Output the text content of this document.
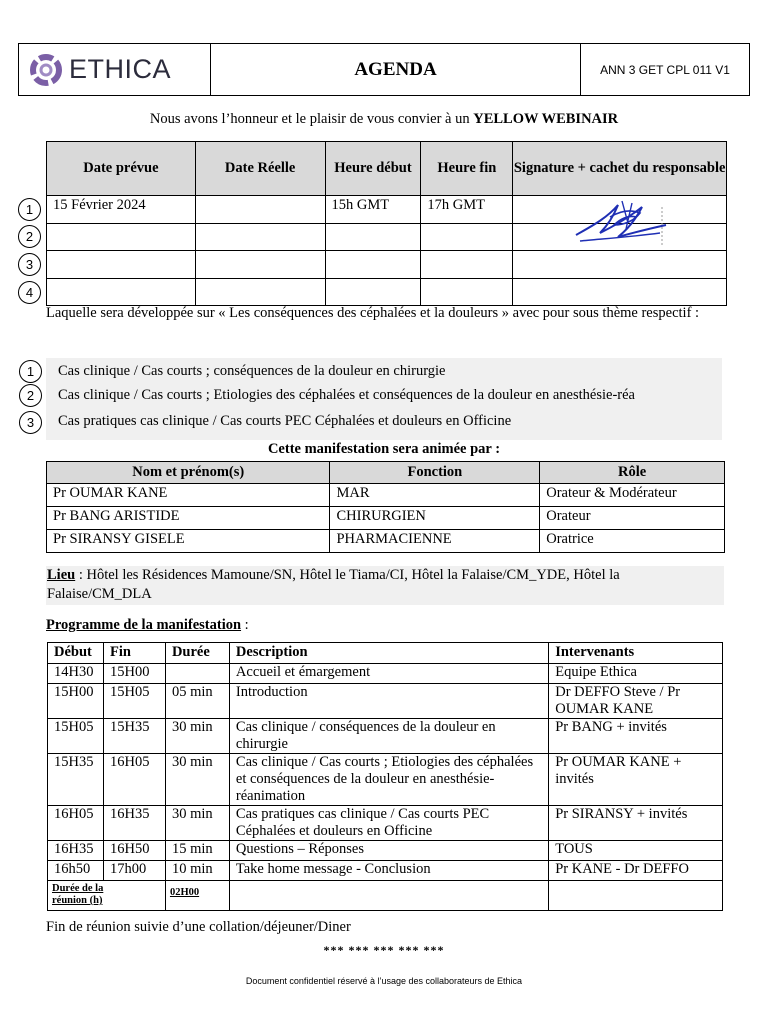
ETHICA	AGENDA	ANN 3 GET CPL 011 V1
Nous avons l’honneur et le plaisir de vous convier à un YELLOW WEBINAIR
Date prévue	Date Réelle	Heure début	Heure fin	Signature + cachet du responsable
15 Février 2024		15h GMT	17h GMT	

1
2
3
4
Laquelle sera développée sur « Les conséquences des céphalées et la douleurs » avec pour sous thème respectif :
Cas clinique / Cas courts ; conséquences de la douleur en chirurgie
Cas clinique / Cas courts ; Etiologies des céphalées et conséquences de la douleur en anesthésie-réa
Cas pratiques cas clinique / Cas courts PEC Céphalées et douleurs en Officine
1
2
3
Cette manifestation sera animée par :
Nom et prénom(s)	Fonction	Rôle
Pr OUMAR KANE	MAR	Orateur & Modérateur
Pr BANG ARISTIDE	CHIRURGIEN	Orateur
Pr SIRANSY GISELE	PHARMACIENNE	Oratrice
Lieu : Hôtel les Résidences Mamoune/SN, Hôtel le Tiama/CI, Hôtel la Falaise/CM_YDE, Hôtel la Falaise/CM_DLA
Programme de la manifestation :
Début	Fin	Durée	Description	Intervenants
14H30	15H00		Accueil et émargement	Equipe Ethica
15H00	15H05	05 min	Introduction	Dr DEFFO Steve / Pr OUMAR KANE
15H05	15H35	30 min	Cas clinique / conséquences de la douleur en chirurgie	Pr BANG + invités
15H35	16H05	30 min	Cas clinique / Cas courts ; Etiologies des céphalées et conséquences de la douleur en anesthésie-réanimation	Pr OUMAR KANE + invités
16H05	16H35	30 min	Cas pratiques cas clinique / Cas courts PEC Céphalées et douleurs en Officine	Pr SIRANSY + invités
16H35	16H50	15 min	Questions – Réponses	TOUS
16h50	17h00	10 min	Take home message - Conclusion	Pr KANE - Dr DEFFO

Durée de la réunion (h)		02H00		
Fin de réunion suivie d’une collation/déjeuner/Diner
*** *** *** *** ***
Document confidentiel réservé à l’usage des collaborateurs de Ethica
